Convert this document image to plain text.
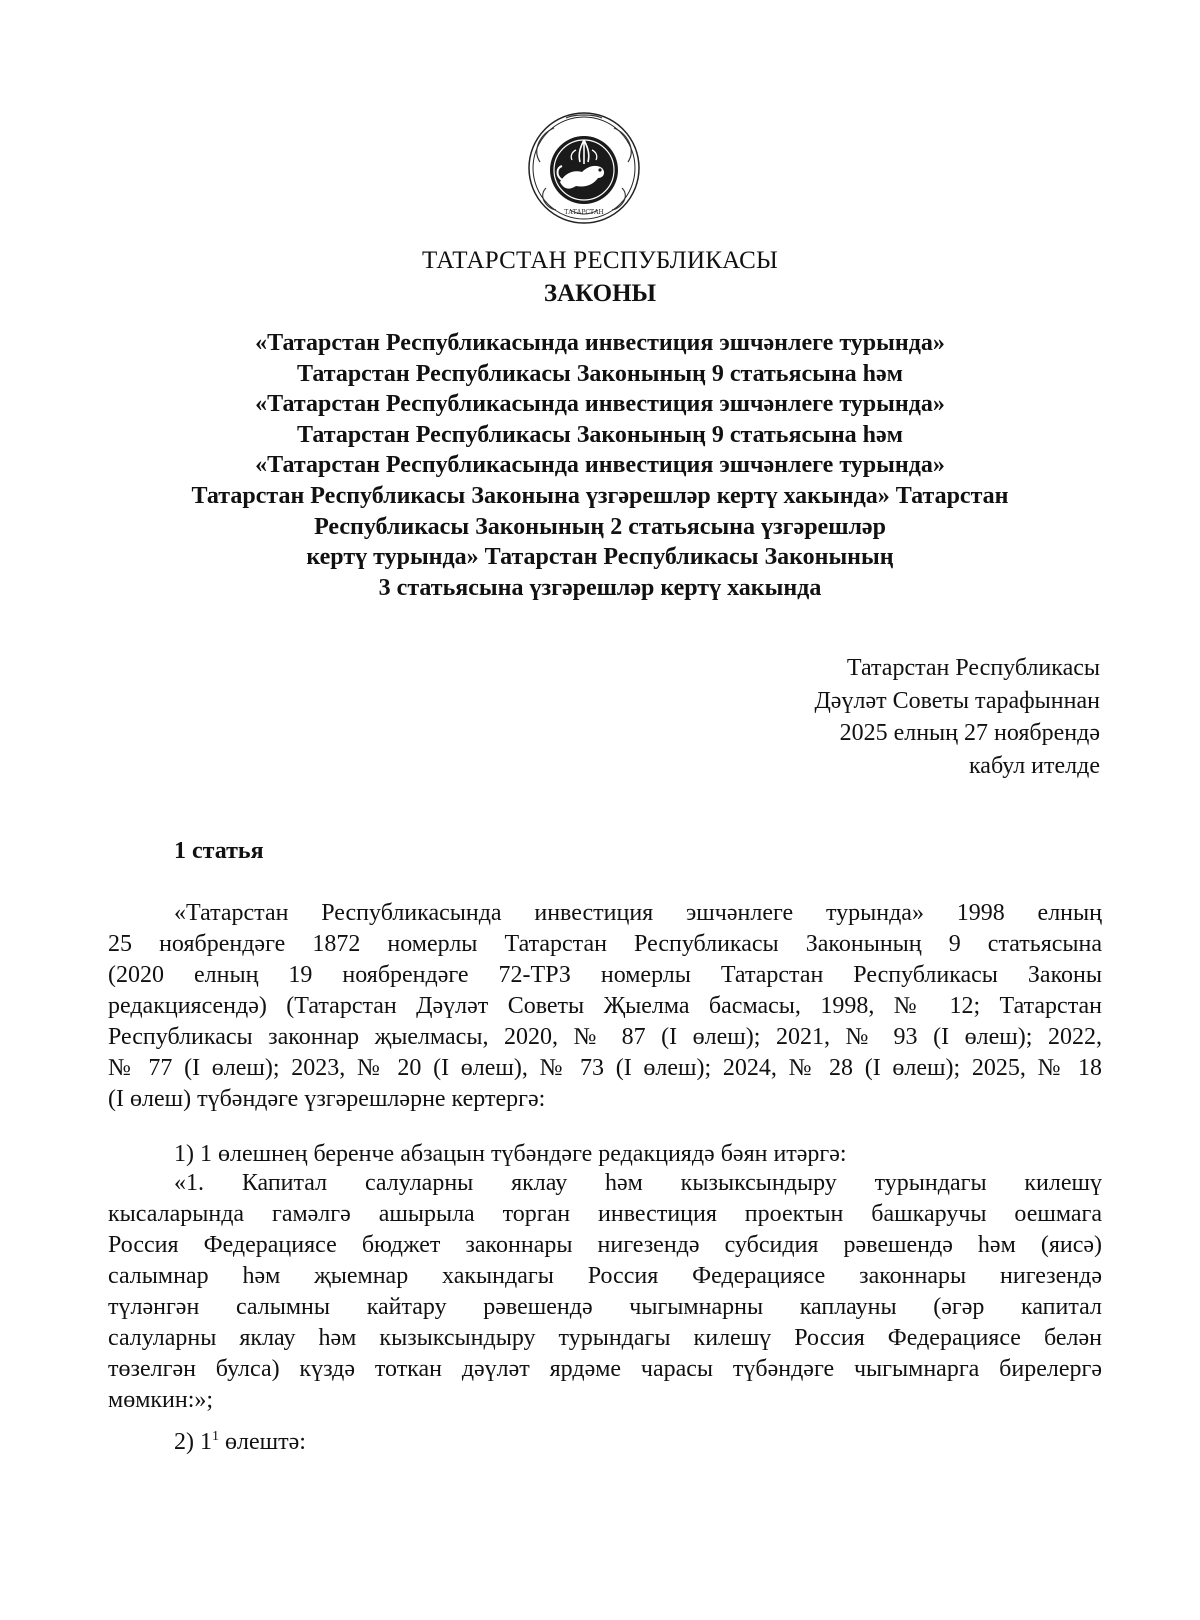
ТАТАРСТАН
ТАТАРСТАН РЕСПУБЛИКАСЫ
ЗАКОНЫ
«Татарстан Республикасында инвестиция эшчәнлеге турында»
Татарстан Республикасы Законының 9 статьясына һәм
«Татарстан Республикасында инвестиция эшчәнлеге турында»
Татарстан Республикасы Законының 9 статьясына һәм
«Татарстан Республикасында инвестиция эшчәнлеге турында»
Татарстан Республикасы Законына үзгәрешләр кертү хакында» Татарстан
Республикасы Законының 2 статьясына үзгәрешләр
кертү турында» Татарстан Республикасы Законының
3 статьясына үзгәрешләр кертү хакында
Татарстан Республикасы
Дәүләт Советы тарафыннан
2025 елның 27 ноябрендә
кабул ителде
1 статья
«Татарстан Республикасында инвестиция эшчәнлеге турында» 1998 елның
25 ноябрендәге 1872 номерлы Татарстан Республикасы Законының 9 статьясына
(2020 елның 19 ноябрендәге 72-ТРЗ номерлы Татарстан Республикасы Законы
редакциясендә) (Татарстан Дәүләт Советы Җыелма басмасы, 1998, № 12; Татарстан
Республикасы законнар җыелмасы, 2020, № 87 (I өлеш); 2021, № 93 (I өлеш); 2022,
№ 77 (I өлеш); 2023, № 20 (I өлеш), № 73 (I өлеш); 2024, № 28 (I өлеш); 2025, № 18
(I өлеш) түбәндәге үзгәрешләрне кертергә:
1) 1 өлешнең беренче абзацын түбәндәге редакциядә бәян итәргә:
«1. Капитал салуларны яклау һәм кызыксындыру турындагы килешү
кысаларында гамәлгә ашырыла торган инвестиция проектын башкаручы оешмага
Россия Федерациясе бюджет законнары нигезендә субсидия рәвешендә һәм (яисә)
салымнар һәм җыемнар хакындагы Россия Федерациясе законнары нигезендә
түләнгән салымны кайтару рәвешендә чыгымнарны каплауны (әгәр капитал
салуларны яклау һәм кызыксындыру турындагы килешү Россия Федерациясе белән
төзелгән булса) күздә тоткан дәүләт ярдәме чарасы түбәндәге чыгымнарга бирелергә
мөмкин:»;
2) $1^1$ өлештә:
